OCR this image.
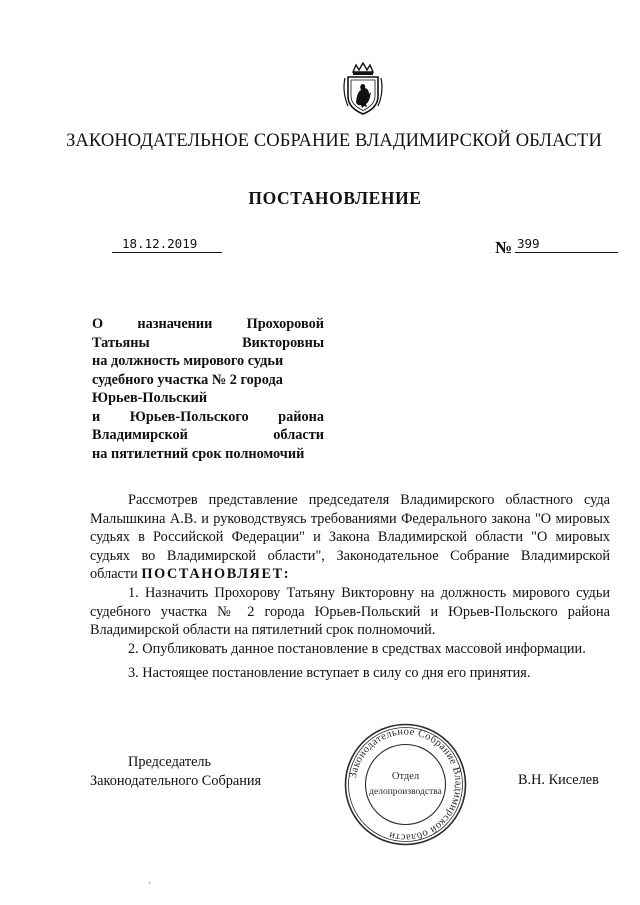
ЗАКОНОДАТЕЛЬНОЕ СОБРАНИЕ ВЛАДИМИРСКОЙ ОБЛАСТИ
ПОСТАНОВЛЕНИЕ
18.12.2019	№ 399
О назначении Прохоровой
Татьяны	Викторовны
на должность мирового судьи
судебного участка № 2 города
Юрьев-Польский
и Юрьев-Польского района
Владимирской	области
на пятилетний срок полномочий

Рассмотрев представление председателя Владимирского областного суда Малышкина А.В. и руководствуясь требованиями Федерального закона "О мировых судьях в Российской Федерации" и Закона Владимирской области "О мировых судьях во Владимирской области", Законодательное Собрание Владимирской области ПОСТАНОВЛЯЕТ:

1. Назначить Прохорову Татьяну Викторовну на должность мирового судьи судебного участка № 2 города Юрьев-Польский и Юрьев-Польского района Владимирской области на пятилетний срок полномочий.

2. Опубликовать данное постановление в средствах массовой информации.

3. Настоящее постановление вступает в силу со дня его принятия.

Председатель
Законодательного Собрания	В.Н. Киселев
Законодательное Собрание Владимирской области
Отдел
делопроизводства
`
